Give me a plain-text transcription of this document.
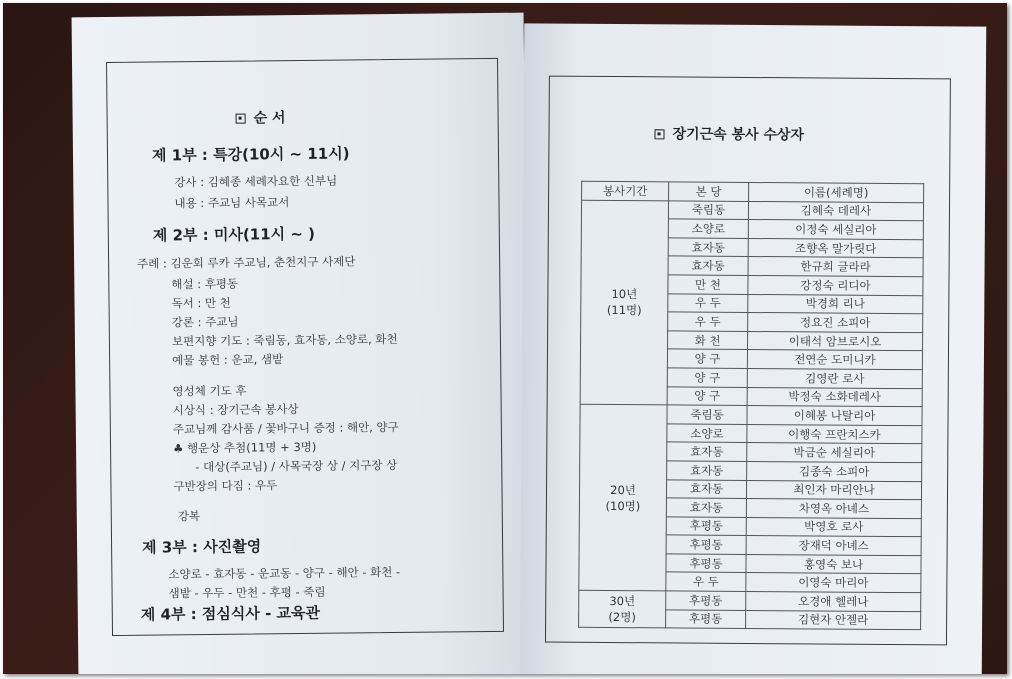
순 서
제 1부 : 특강(10시 ~ 11시)
강사 : 김혜종 세례자요한 신부님
내용 : 주교님 사목교서
제 2부 : 미사(11시 ~ )
주례 : 김운회 루카 주교님, 춘천지구 사제단
해설 : 후평동
독서 : 만 천
강론 : 주교님
보편지향 기도 : 죽림동, 효자동, 소양로, 화천
예물 봉헌 : 운교, 샘밭
영성체 기도 후
시상식 : 장기근속 봉사상
주교님께 감사품 / 꽃바구니 증정 : 해안, 양구
♣ 행운상 추첨(11명 + 3명)
- 대상(주교님) / 사목국장 상 / 지구장 상
구반장의 다짐 : 우두
강복
제 3부 : 사진촬영
소양로 - 효자동 - 운교동 - 양구 - 해안 - 화천 -
샘밭 - 우두 - 만천 - 후평 - 죽림
제 4부 : 점심식사 - 교육관
장기근속 봉사 수상자
봉사기간	본 당	이름(세례명)

10년
(11명)	죽림동	김혜숙 데레사
	소양로	이정숙 세실리아
	효자동	조향옥 말가릿다
	효자동	한규희 글라라
	만 천	강정숙 리디아
	우 두	박경희 리나
	우 두	정요진 소피아
	화 천	이태석 암브로시오
	양 구	전연순 도미니카
	양 구	김영란 로사
	양 구	박정숙 소화데레사

20년
(10명)	죽림동	이혜봉 나탈리아
	소양로	이행숙 프란치스카
	효자동	박금순 세실리아
	효자동	김종숙 소피아
	효자동	최인자 마리안나
	효자동	차영옥 아녜스
	후평동	박영호 로사
	후평동	장재덕 아녜스
	후평동	홍영숙 보나
	우 두	이영숙 마리아

30년
(2명)	후평동	오경애 헬레나
	후평동	김현자 안젤라
